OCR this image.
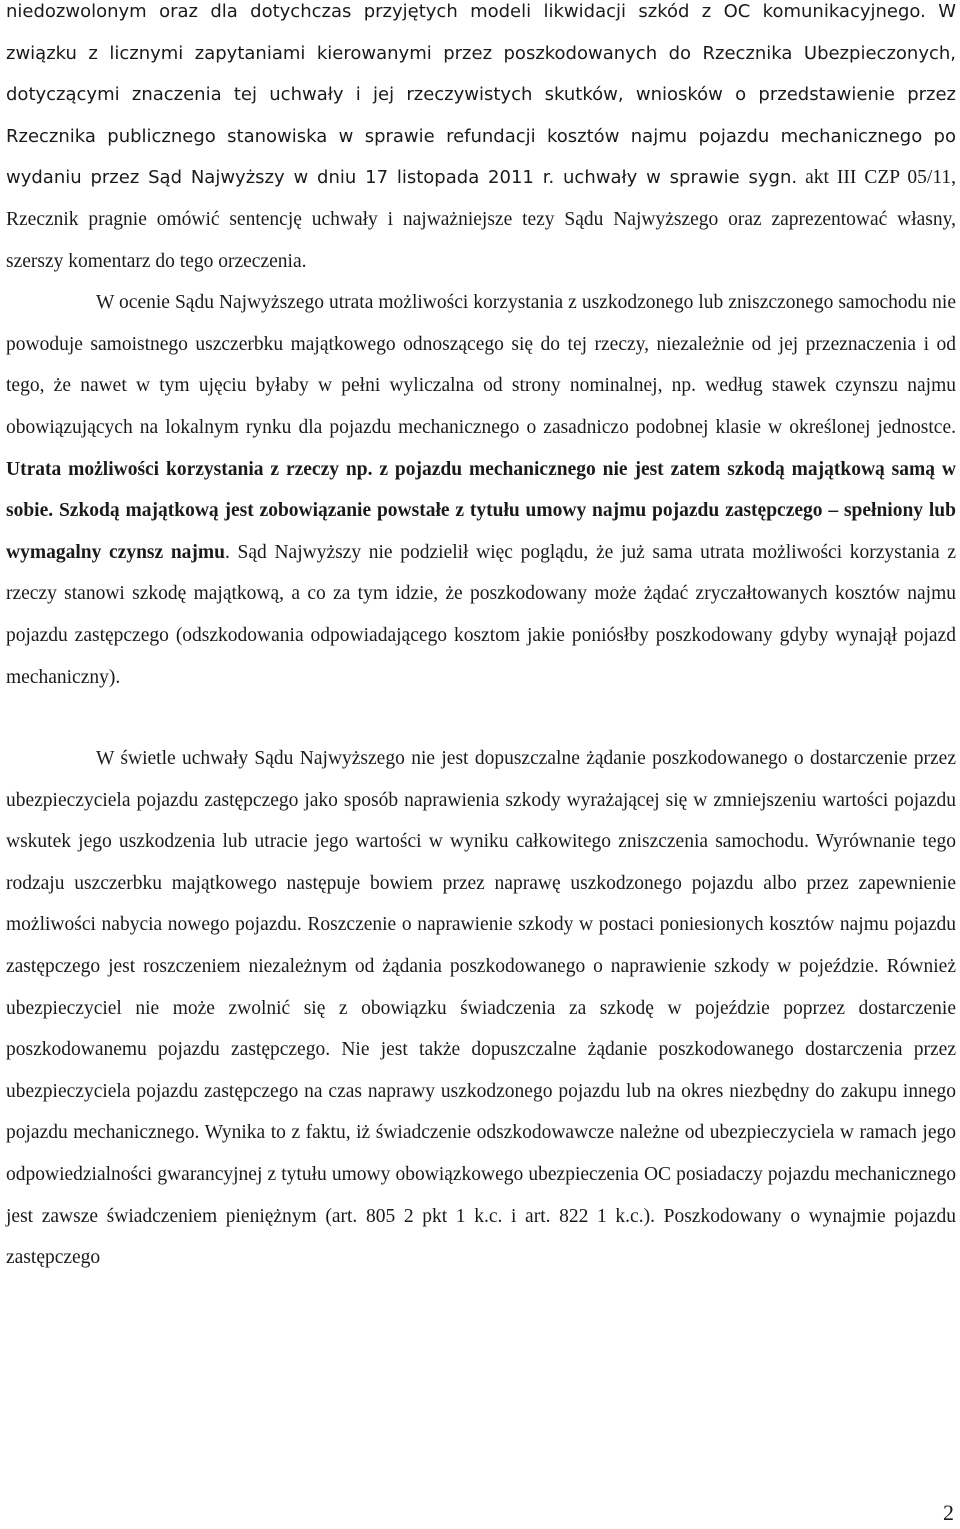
niedozwolonym oraz dla dotychczas przyjętych modeli likwidacji szkód z OC komunikacyjnego. W związku z licznymi zapytaniami kierowanymi przez poszkodowanych do Rzecznika Ubezpieczonych, dotyczącymi znaczenia tej uchwały i jej rzeczywistych skutków, wniosków o przedstawienie przez Rzecznika publicznego stanowiska w sprawie refundacji kosztów najmu pojazdu mechanicznego po wydaniu przez Sąd Najwyższy w dniu 17 listopada 2011 r. uchwały w sprawie sygn. akt III CZP 05/11, Rzecznik pragnie omówić sentencję uchwały i najważniejsze tezy Sądu Najwyższego oraz zaprezentować własny, szerszy komentarz do tego orzeczenia.

W ocenie Sądu Najwyższego utrata możliwości korzystania z uszkodzonego lub zniszczonego samochodu nie powoduje samoistnego uszczerbku majątkowego odnoszącego się do tej rzeczy, niezależnie od jej przeznaczenia i od tego, że nawet w tym ujęciu byłaby w pełni wyliczalna od strony nominalnej, np. według stawek czynszu najmu obowiązujących na lokalnym rynku dla pojazdu mechanicznego o zasadniczo podobnej klasie w określonej jednostce. Utrata możliwości korzystania z rzeczy np. z pojazdu mechanicznego nie jest zatem szkodą majątkową samą w sobie. Szkodą majątkową jest zobowiązanie powstałe z tytułu umowy najmu pojazdu zastępczego – spełniony lub wymagalny czynsz najmu. Sąd Najwyższy nie podzielił więc poglądu, że już sama utrata możliwości korzystania z rzeczy stanowi szkodę majątkową, a co za tym idzie, że poszkodowany może żądać zryczałtowanych kosztów najmu pojazdu zastępczego (odszkodowania odpowiadającego kosztom jakie poniósłby poszkodowany gdyby wynajął pojazd mechaniczny).

W świetle uchwały Sądu Najwyższego nie jest dopuszczalne żądanie poszkodowanego o dostarczenie przez ubezpieczyciela pojazdu zastępczego jako sposób naprawienia szkody wyrażającej się w zmniejszeniu wartości pojazdu wskutek jego uszkodzenia lub utracie jego wartości w wyniku całkowitego zniszczenia samochodu. Wyrównanie tego rodzaju uszczerbku majątkowego następuje bowiem przez naprawę uszkodzonego pojazdu albo przez zapewnienie możliwości nabycia nowego pojazdu. Roszczenie o naprawienie szkody w postaci poniesionych kosztów najmu pojazdu zastępczego jest roszczeniem niezależnym od żądania poszkodowanego o naprawienie szkody w pojeździe. Również ubezpieczyciel nie może zwolnić się z obowiązku świadczenia za szkodę w pojeździe poprzez dostarczenie poszkodowanemu pojazdu zastępczego. Nie jest także dopuszczalne żądanie poszkodowanego dostarczenia przez ubezpieczyciela pojazdu zastępczego na czas naprawy uszkodzonego pojazdu lub na okres niezbędny do zakupu innego pojazdu mechanicznego. Wynika to z faktu, iż świadczenie odszkodowawcze należne od ubezpieczyciela w ramach jego odpowiedzialności gwarancyjnej z tytułu umowy obowiązkowego ubezpieczenia OC posiadaczy pojazdu mechanicznego jest zawsze świadczeniem pieniężnym (art. 805 2 pkt 1 k.c. i art. 822 1 k.c.). Poszkodowany o wynajmie pojazdu zastępczego

2
